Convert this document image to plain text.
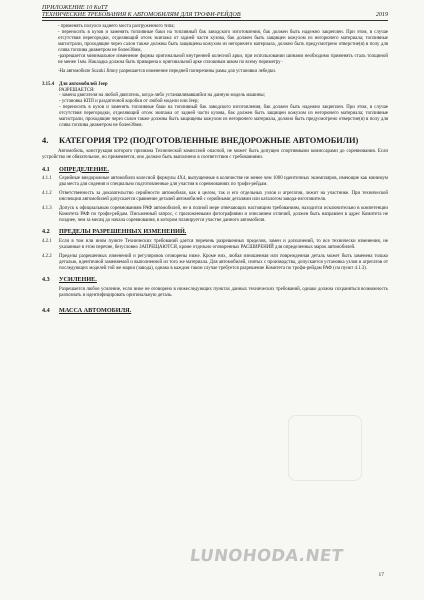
ПРИЛОЖЕНИЕ 10 КиТТ
ТЕХНИЧЕСКИЕ ТРЕБОВАНИЯ К АВТОМОБИЛЯМ ДЛЯ ТРОФИ-РЕЙДОВ	2019

- применять полуоси заднего моста разгруженного типа;

- переносить в кузов и заменять топливные баки на топливный бак заводского изготовления, бак должен быть надежно закреплен. При этом, в случае отсутствия перегородки, отделяющий отсек экипажа от задней части кузова, бак должен быть защищен кожухом из негорючего материала; топливные магистрали, проходящие через салон также должны быть защищены кожухом из негорючего материала, должно быть предусмотрено отверстие(я) в полу для слива топлива диаметром не более30мм,

-разрешается минимальное изменение формы оригинальной внутренней колесной арки, при использовании шинами необходимо применять сталь толщиной не менее 1мм. Накладка должна быть приварена к оригинальной арке сплошным швом по всему периметру ·

-На автомобиле Suzuki Jimny разрешается изменение передней поперечины рамы для установки лебедки.

3.15.4	Для автомобилей Jeep

РАЗРЕШАЕТСЯ:

- замена двигателя на любой двигатель, когда-либо устанавливавшийся на данную модель машины;

- установка КПП и раздаточной коробки от любой модели или Jeep;

- переносить в кузов и заменять топливные баки на топливный бак заводского изготовления, бак должен быть надежно закреплен. При этом, в случае отсутствия перегородки, отделяющий отсек экипажа от задней части кузова, бак должен быть защищен кожухом из негорючего материала; топливные магистрали, проходящие через салон также должны быть защищены кожухом из негорючего материала, должно быть предусмотрено отверстие(я) в полу для слива топлива диаметром не более30мм.

4.	КАТЕГОРИЯ ТР2 (ПОДГОТОВЛЕННЫЕ ВНЕДОРОЖНЫЕ АВТОМОБИЛИ)

Автомобиль, конструкция которого признана Технической комиссией опасной, не может быть допущен спортивными комиссарами до соревнования. Если устройство не обязательное, но применяется, оно должно быть выполнено в соответствии с требованиями.

4.1	ОПРЕДЕЛЕНИЕ.
4.1.1	Серийные внедорожные автомобили колесной формулы 4Х4, выпущенные в количестве не менее чем 1000 идентичных экземпляров, имеющие как минимум два места для сидения и специально подготовленные для участия в соревнованиях по трофи-рейдам.

4.1.2	Ответственность за доказательство серийности автомобиля, как в целом, так и его отдельных узлов и агрегатов, лежит на участнике. При технической инспекции автомобилей допускается сравнение деталей автомобилей с серийными деталями или каталогом завода-изготовителя.

4.1.3	Допуск к официальным соревнованиям РАФ автомобилей, не в полной мере отвечающих настоящим требованиям, находится исключительно в компетенции Комитета РАФ по трофи-рейдам. Письменный запрос, с приложенными фотографиями и описанием отличий, должен быть направлен в адрес Комитета не позднее, чем за месяц до начала соревнования, в котором планируется участие данного автомобиля.

4.2	ПРЕДЕЛЫ РАЗРЕШЕННЫХ ИЗМЕНЕНИЙ.
4.2.1	Если в том или ином пункте Технических требований дается перечень разрешенных пределов, замен и дополнений, то все технически изменения, не указанные в этом перечне, безусловно ЗАПРЕЩАЮТСЯ, кроме отдельно оговоренных РАСШИРЕНИЙ для определенных марок автомобилей.

4.2.2	Пределы разрешенных изменений и регулировок оговорены ниже. Кроме них, любая изношенная или поврежденная деталь может быть заменена только деталью, идентичной заменяемой и выполненной из того же материала. Для автомобилей, снятых с производства, допускается установка узлов и агрегатов от последующих моделей той же марки (завода), однако в каждом таком случае требуется разрешение Комитета по трофи-рейдам РАФ (см пункт 4.1.3).

4.3	УСИЛЕНИЕ.

Разрешается любое усиление, если иное не оговорено в нижеследующих пунктах данных технических требований, однако должна сохраняться возможность разпознать и идентифицировать оригинальную деталь.

4.4	МАССА АВТОМОБИЛЯ.
LUNOHODA.NET
17
